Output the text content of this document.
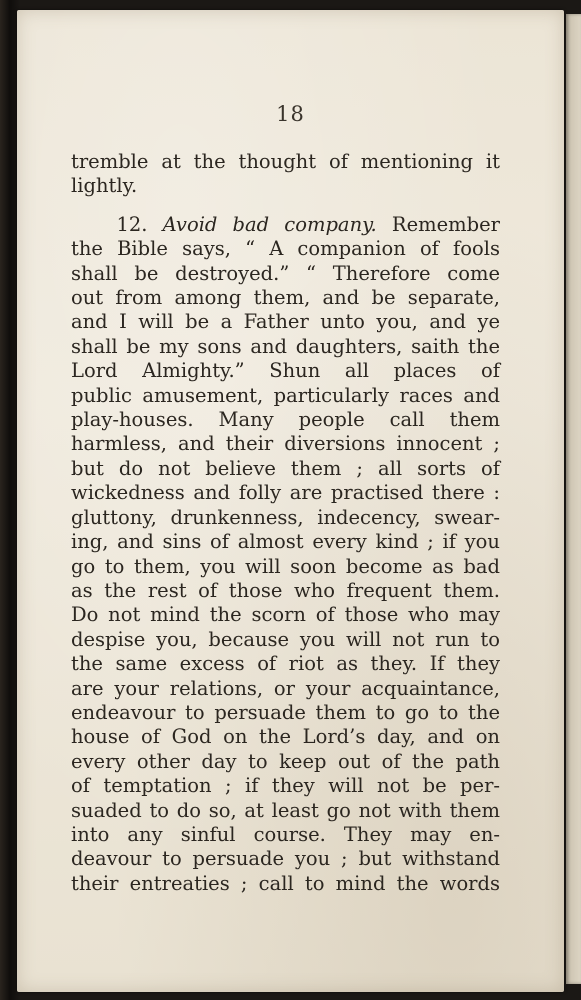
18
tremble at the thought of mentioning it
lightly.
12. Avoid bad company. Remember
the Bible says, “ A companion of fools
shall be destroyed.” “ Therefore come
out from among them, and be separate,
and I will be a Father unto you, and ye
shall be my sons and daughters, saith the
Lord Almighty.” Shun all places of
public amusement, particularly races and
play-houses. Many people call them
harmless, and their diversions innocent ;
but do not believe them ; all sorts of
wickedness and folly are practised there :
gluttony, drunkenness, indecency, swear-
ing, and sins of almost every kind ; if you
go to them, you will soon become as bad
as the rest of those who frequent them.
Do not mind the scorn of those who may
despise you, because you will not run to
the same excess of riot as they. If they
are your relations, or your acquaintance,
endeavour to persuade them to go to the
house of God on the Lord’s day, and on
every other day to keep out of the path
of temptation ; if they will not be per-
suaded to do so, at least go not with them
into any sinful course. They may en-
deavour to persuade you ; but withstand
their entreaties ; call to mind the words
